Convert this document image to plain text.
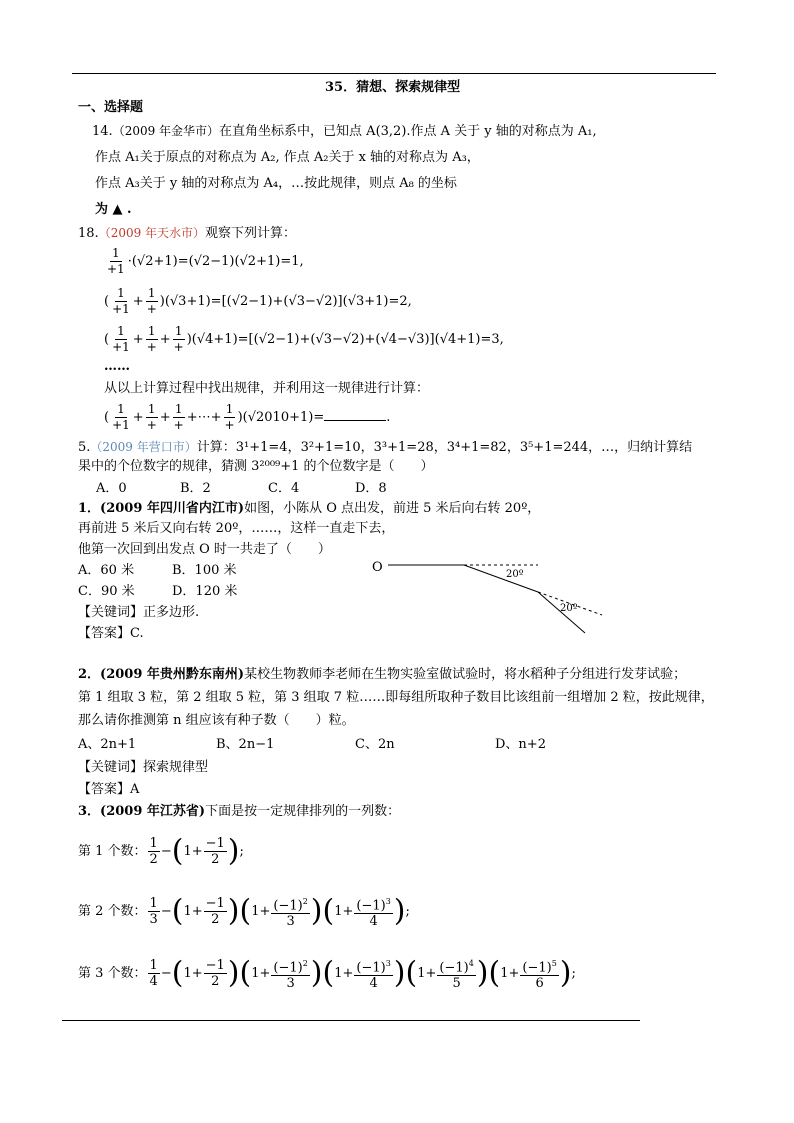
35．猜想、探索规律型
一、选择题
14.（2009 年金华市）在直角坐标系中，已知点 A(3,2).作点 A 关于 y 轴的对称点为 A₁,
作点 A₁关于原点的对称点为 A₂, 作点 A₂关于 x 轴的对称点为 A₃，
作点 A₃关于 y 轴的对称点为 A₄，…按此规律，则点 A₈ 的坐标
为 ▲ .
18.（2009 年天水市）观察下列计算：
$\frac{1}{+1} \cdot(√2+1)=(√2-1)(√2+1)=1$,
( $\frac{1}{+1} + \frac{1}{+} )(√3+1)=[(√2-1)+(√3-√2)](√3+1)=2$,
( $\frac{1}{+1} + \frac{1}{+} + \frac{1}{+} )(√4+1)=[(√2-1)+(√3-√2)+(√4-√3)](√4+1)=3$,
……
从以上计算过程中找出规律，并利用这一规律进行计算：
( $\frac{1}{+1} + \frac{1}{+} + \frac{1}{+}$ +⋯+ $\frac{1}{+} )(√2010+1)=$	.
5.（2009 年营口市）计算：3¹+1=4，3²+1=10，3³+1=28，3⁴+1=82，3⁵+1=244，…，归纳计算结
果中的个位数字的规律，猜测 3²⁰⁰⁹+1 的个位数字是（　　）
A．0	B．2	C．4	D．8
1．(2009 年四川省内江市)如图，小陈从 O 点出发，前进 5 米后向右转 20º，
再前进 5 米后又向右转 20º，……，这样一直走下去，
他第一次回到出发点 O 时一共走了（　　）
A．60 米	B．100 米
C．90 米	D．120 米
【关键词】正多边形.
【答案】C.
O	20º
20º
2．(2009 年贵州黔东南州)某校生物教师李老师在生物实验室做试验时，将水稻种子分组进行发芽试验；
第 1 组取 3 粒，第 2 组取 5 粒，第 3 组取 7 粒……即每组所取种子数目比该组前一组增加 2 粒，按此规律，
那么请你推测第 n 组应该有种子数（　　）粒。
A、2n+1	B、2n−1	C、2n	D、n+2
【关键词】探索规律型
【答案】A
3．(2009 年江苏省)下面是按一定规律排列的一列数：
第 1 个数： $\frac{1}{2} -(1+ \frac{-1}{2}$ );
第 2 个数： $\frac{1}{3} -(1+ \frac{-1}{2} )(1+ \frac{(-1)^2}{3} )(1+ \frac{(-1)^3}{4}$ );
第 3 个数： $\frac{1}{4} -(1+ \frac{-1}{2} )(1+ \frac{(-1)^2}{3} )(1+ \frac{(-1)^3}{4} )(1+ \frac{(-1)^4}{5} )(1+ \frac{(-1)^5}{6}$ );
